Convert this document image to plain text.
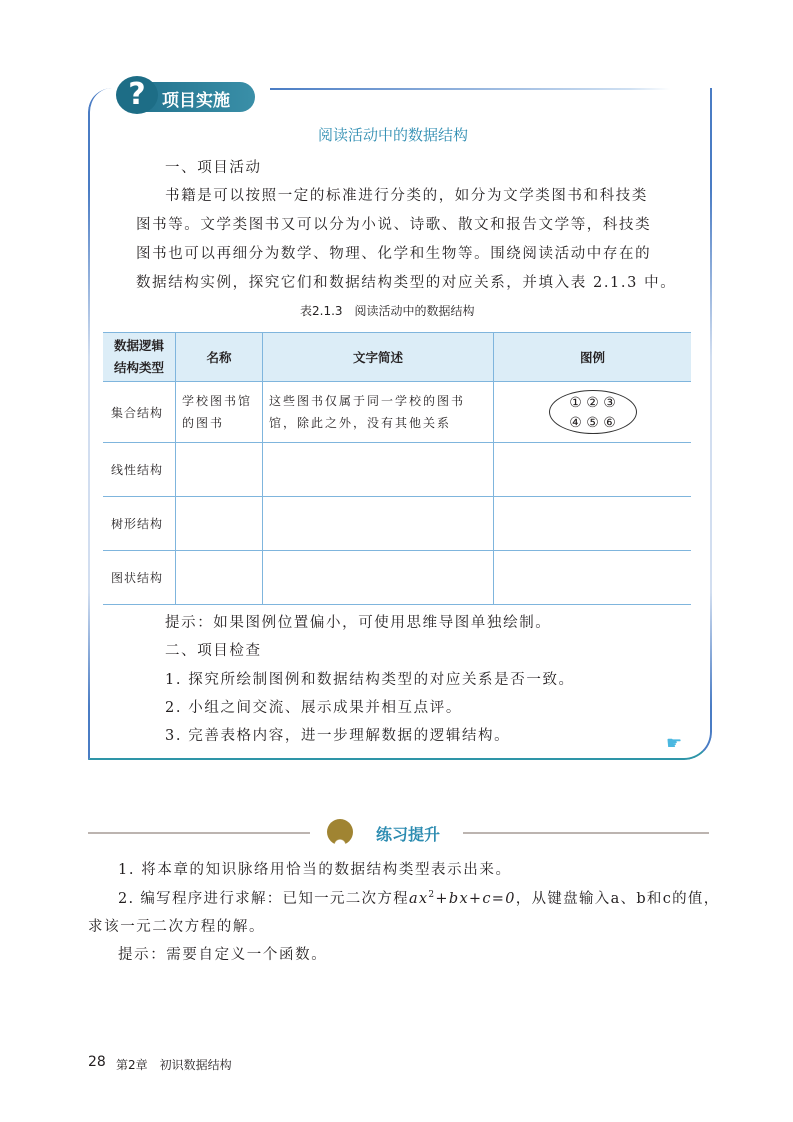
? 项目实施
阅读活动中的数据结构
一、项目活动
书籍是可以按照一定的标准进行分类的，如分为文学类图书和科技类
图书等。文学类图书又可以分为小说、诗歌、散文和报告文学等，科技类
图书也可以再细分为数学、物理、化学和生物等。围绕阅读活动中存在的
数据结构实例，探究它们和数据结构类型的对应关系，并填入表 2.1.3 中。
表2.1.3　阅读活动中的数据结构
数据逻辑结构类型	名称	文字简述	图例
集合结构	学校图书馆的图书	这些图书仅属于同一学校的图书馆，除此之外，没有其他关系	① ② ③
④ ⑤ ⑥

线性结构			
树形结构			
图状结构			
提示：如果图例位置偏小，可使用思维导图单独绘制。
二、项目检查
1. 探究所绘制图例和数据结构类型的对应关系是否一致。
2. 小组之间交流、展示成果并相互点评。
3. 完善表格内容，进一步理解数据的逻辑结构。	☛
练习提升
1. 将本章的知识脉络用恰当的数据结构类型表示出来。
2. 编写程序进行求解：已知一元二次方程$ax^2+bx+c=0$，从键盘输入a、b和c的值，
求该一元二次方程的解。
提示：需要自定义一个函数。
28 第2章　初识数据结构
